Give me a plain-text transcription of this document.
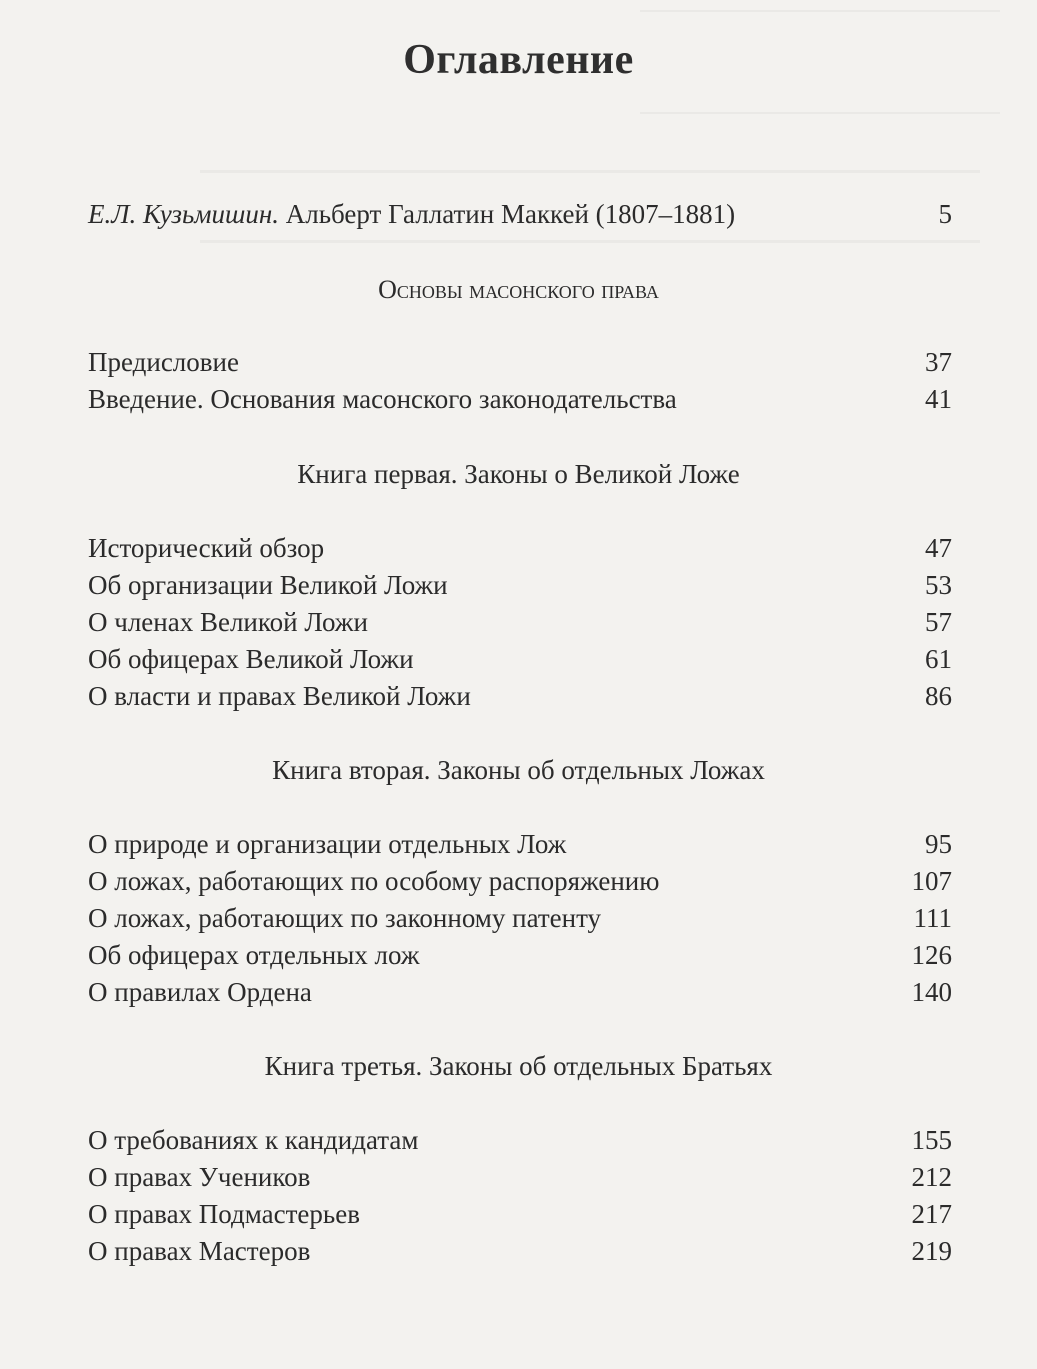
Оглавление
Е.Л. Кузьмишин. Альберт Галлатин Маккей (1807–1881)	5
Основы масонского права
Предисловие	37
Введение. Основания масонского законодательства	41
Книга первая. Законы о Великой Ложе
Исторический обзор	47
Об организации Великой Ложи	53
О членах Великой Ложи	57
Об офицерах Великой Ложи	61
О власти и правах Великой Ложи	86
Книга вторая. Законы об отдельных Ложах
О природе и организации отдельных Лож	95
О ложах, работающих по особому распоряжению	107
О ложах, работающих по законному патенту	111
Об офицерах отдельных лож	126
О правилах Ордена	140
Книга третья. Законы об отдельных Братьях
О требованиях к кандидатам	155
О правах Учеников	212
О правах Подмастерьев	217
О правах Мастеров	219
